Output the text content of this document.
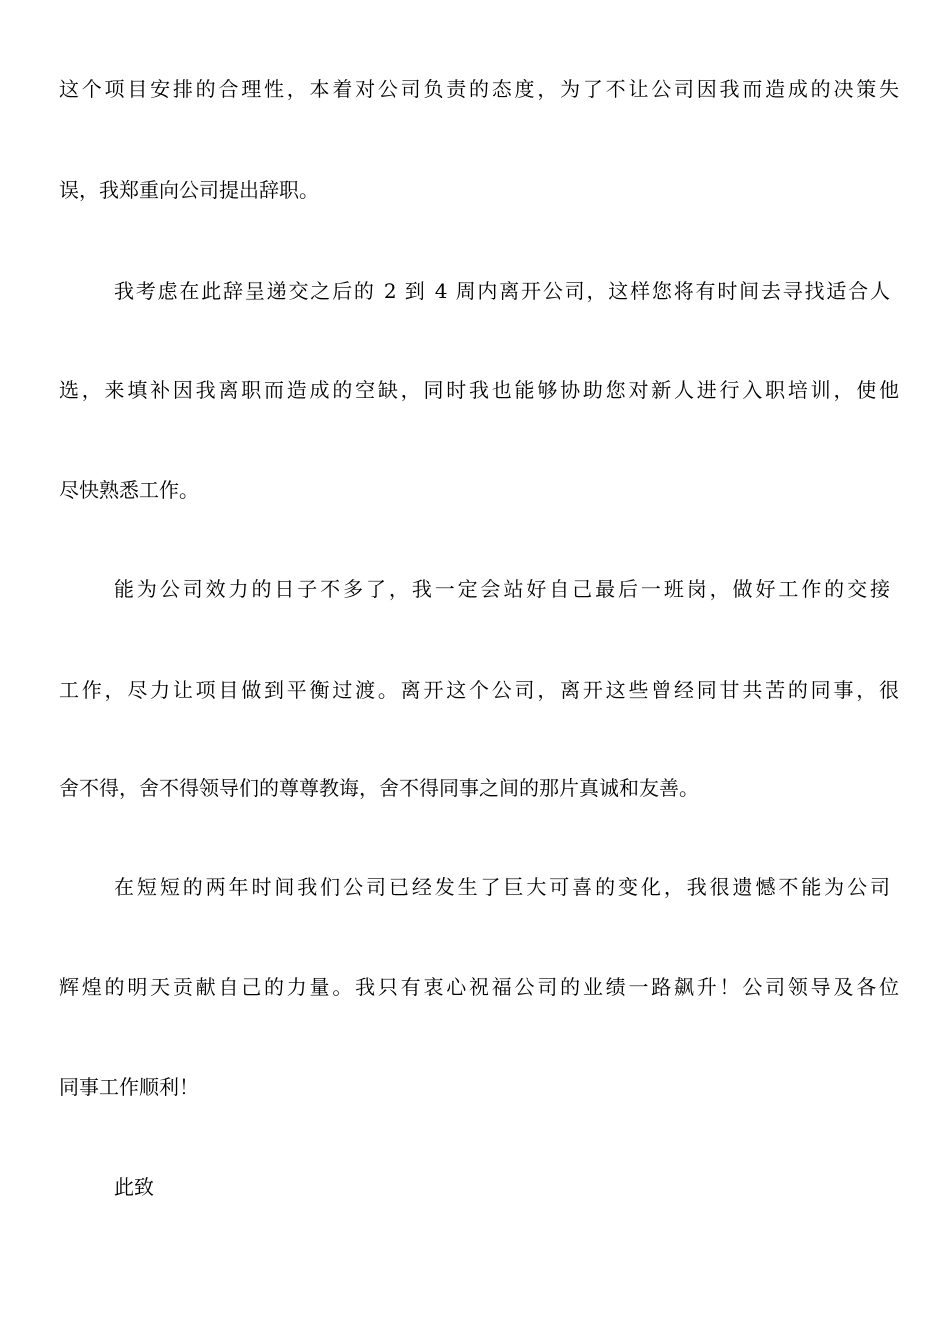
这个项目安排的合理性，本着对公司负责的态度，为了不让公司因我而造成的决策失
误，我郑重向公司提出辞职。
我考虑在此辞呈递交之后的 2 到 4 周内离开公司，这样您将有时间去寻找适合人
选，来填补因我离职而造成的空缺，同时我也能够协助您对新人进行入职培训，使他
尽快熟悉工作。
能为公司效力的日子不多了，我一定会站好自己最后一班岗，做好工作的交接
工作，尽力让项目做到平衡过渡。离开这个公司，离开这些曾经同甘共苦的同事，很
舍不得，舍不得领导们的尊尊教诲，舍不得同事之间的那片真诚和友善。
在短短的两年时间我们公司已经发生了巨大可喜的变化，我很遗憾不能为公司
辉煌的明天贡献自己的力量。我只有衷心祝福公司的业绩一路飙升！公司领导及各位
同事工作顺利！
此致
